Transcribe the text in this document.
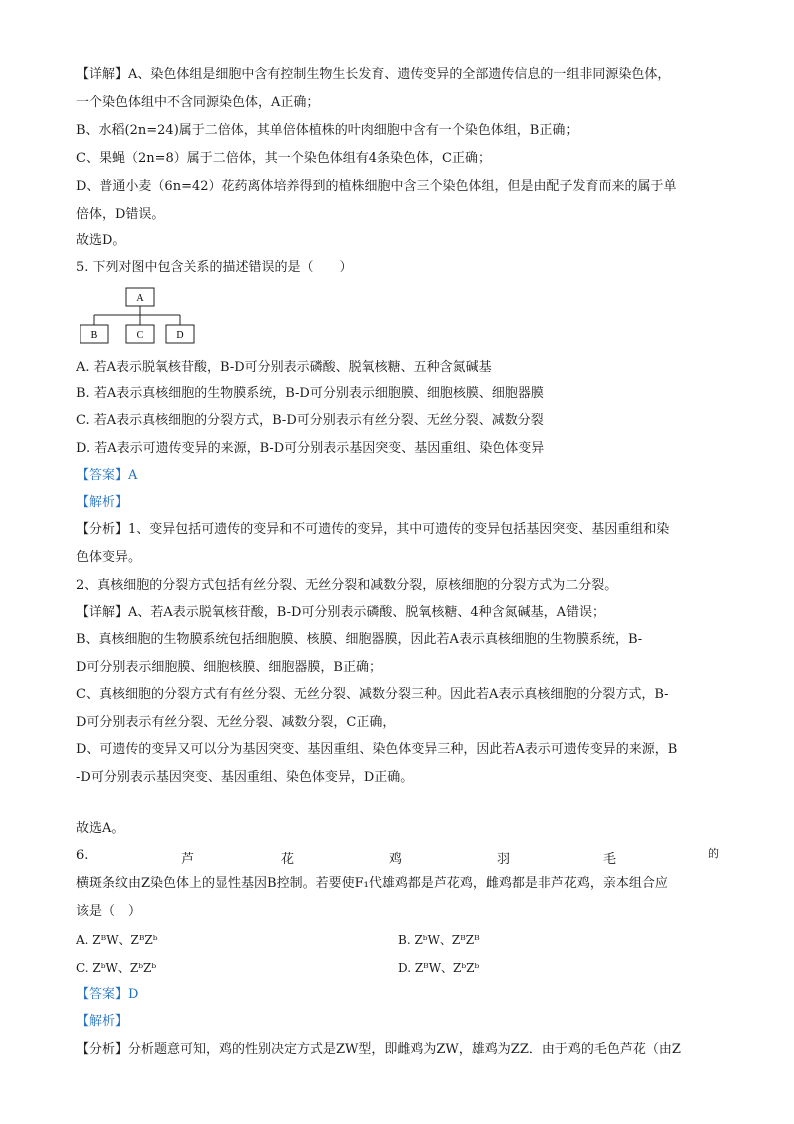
【详解】A、染色体组是细胞中含有控制生物生长发育、遗传变异的全部遗传信息的一组非同源染色体，
一个染色体组中不含同源染色体，A正确；
B、水稻(2n=24)属于二倍体，其单倍体植株的叶肉细胞中含有一个染色体组，B正确；
C、果蝇（2n=8）属于二倍体，其一个染色体组有4条染色体，C正确；
D、普通小麦（6n=42）花药离体培养得到的植株细胞中含三个染色体组，但是由配子发育而来的属于单
倍体，D错误。
故选D。
5. 下列对图中包含关系的描述错误的是（　　）
A
B	C	D
A. 若A表示脱氧核苷酸，B-D可分别表示磷酸、脱氧核糖、五种含氮碱基
B. 若A表示真核细胞的生物膜系统，B-D可分别表示细胞膜、细胞核膜、细胞器膜
C. 若A表示真核细胞的分裂方式，B-D可分别表示有丝分裂、无丝分裂、减数分裂
D. 若A表示可遗传变异的来源，B-D可分别表示基因突变、基因重组、染色体变异
【答案】A
【解析】
【分析】1、变异包括可遗传的变异和不可遗传的变异，其中可遗传的变异包括基因突变、基因重组和染
色体变异。
2、真核细胞的分裂方式包括有丝分裂、无丝分裂和减数分裂，原核细胞的分裂方式为二分裂。
【详解】A、若A表示脱氧核苷酸，B-D可分别表示磷酸、脱氧核糖、4种含氮碱基，A错误；
B、真核细胞的生物膜系统包括细胞膜、核膜、细胞器膜，因此若A表示真核细胞的生物膜系统，B-
D可分别表示细胞膜、细胞核膜、细胞器膜，B正确；
C、真核细胞的分裂方式有有丝分裂、无丝分裂、减数分裂三种。因此若A表示真核细胞的分裂方式，B-
D可分别表示有丝分裂、无丝分裂、减数分裂，C正确，
D、可遗传的变异又可以分为基因突变、基因重组、染色体变异三种，因此若A表示可遗传变异的来源，B
-D可分别表示基因突变、基因重组、染色体变异，D正确。
故选A。
6.	芦	花	鸡	羽	毛	的
横斑条纹由Z染色体上的显性基因B控制。若要使F₁代雄鸡都是芦花鸡，雌鸡都是非芦花鸡，亲本组合应
该是（　）
A. ZᴮW、ZᴮZᵇ	B. ZᵇW、ZᴮZᴮ
C. ZᵇW、ZᵇZᵇ	D. ZᴮW、ZᵇZᵇ
【答案】D
【解析】
【分析】分析题意可知，鸡的性别决定方式是ZW型，即雌鸡为ZW，雄鸡为ZZ．由于鸡的毛色芦花（由Z
